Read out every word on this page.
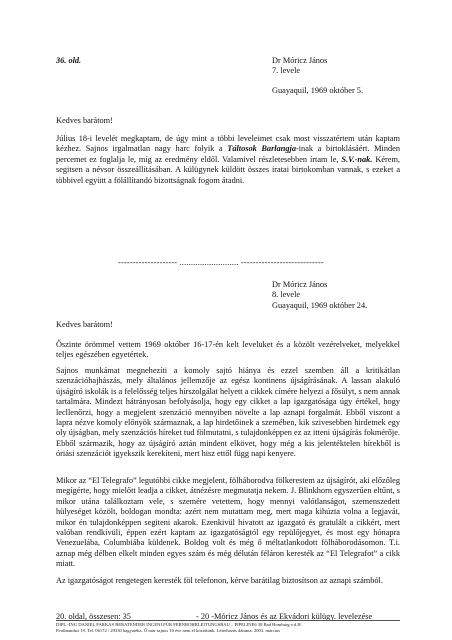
36. old.	Dr Móricz János
7. levele
Guayaquil, 1969 október 5.

Kedves barátom!

Július 18-i levelét megkaptam, de úgy mint a többi leveleimet csak most visszatértem után kaptam kézhez. Sajnos irgalmatlan nagy harc folyik a Táltosok Barlangja-inak a birtoklásáért. Minden percemet ez foglalja le, míg az eredmény eldől. Valamivel részletesebben írtam le, S.V.-nak. Kérem, segitsen a névsor összeállításában. A külügynek küldött összes iratai birtokomban vannak, s ezeket a többivel együtt a fölállítandó bizottságnak fogom átadni.

-------------------- .......................... ----------------------------

Dr Móricz János
8. levele
Guayaquil, 1969 október 24.

Kedves barátom!

Őszinte örömmel vettem 1969 október 16-17-én kelt leveluket és a közölt vezérelveket, melyekkel teljes egészében egyetértek.

Sajnos munkámat megnehezíti a komoly sajtó hiánya és ezzel szemben áll a kritikátlan szenzációhajhászás, mely általános jellemzője az egész kontinens újságírásának. A lassan alakuló újságíró iskolák is a felelősség teljes hírszolgálat helyett a cikkek címére helyezi a fősúlyt, s nem annak tartalmára. Mindezt hátrányosan befolyásolja, hogy egy cikket a lap igazgatósága úgy értékel, hogy lecllenőrzi, hogy a megjelent szenzáció mennyiben növelte a lap aznapi forgalmát. Ebből viszont a lapra nézve komoly előnyök származnak, a lap hirdetőinek a szemében, kik szivesebben hirdetnek egy oly újságban, mely szenzációs híreket tud fölmutatni, s tulajdonképpen ez az itteni újságírás fokmérője. Ebből származik, hogy az újságíró aztán mindent elkövet, hogy még a kis jelentéktelen hírekből is óriási szenzációt igyekszik kerekíteni, mert hisz ettől függ napi kenyere.

Mikor az “El Telegrafo” legutóbbi cikke megjelent, fölháborodva fölkerestem az újságírót, aki előzőleg megígérte, hogy mielőtt leadja a cikket, átnézésre megmutatja nekem. J. Blinkhorn egyszerűen eltűnt, s mikor utána találkoztam vele, s szemére vetettem, hogy mennyi valótlanságot, szemenszedett hülyeséget közölt, boldogan mondta: azért nem mutattam meg, mert maga kihúzta volna a legjavát, mikor én tulajdonképpen segiteni akarok. Ezenkivül hivatott az igazgató és gratulált a cikkért, mert valóban rendkívüli, éppen ezért kaptam az igazgatóságtól egy repülőjegyet, és most egy hónapra Venezuelába, Columbiába küldenek. Boldog volt és még ő méltatlankodott fölháborodásomon. T.i. aznap még délben elkelt minden egyes szám és még délután féláron keresték az “El Telegrafot” a cikk miatt.

Az igazgatóságot rengetegen keresték föl telefonon, kérve barátilag biztosítson az aznapi számból.

20. oldal, összesen: 35	- 20 -Móricz János és az Ekvádori külügy. levelezése

DIPL.-ING DANIEL FARKAS BERATENDER INGENI FÜR FERNROHRLEITUNGSBAU – PIPELINE6 38 Bad Homburg v.d.H.

Ferdinandstr 19, Tel. 06172 / 29330 hagyatéka. Ő már sajnos 10 éve nem él közöttünk. Létrehozás dátuma: 2003. március
